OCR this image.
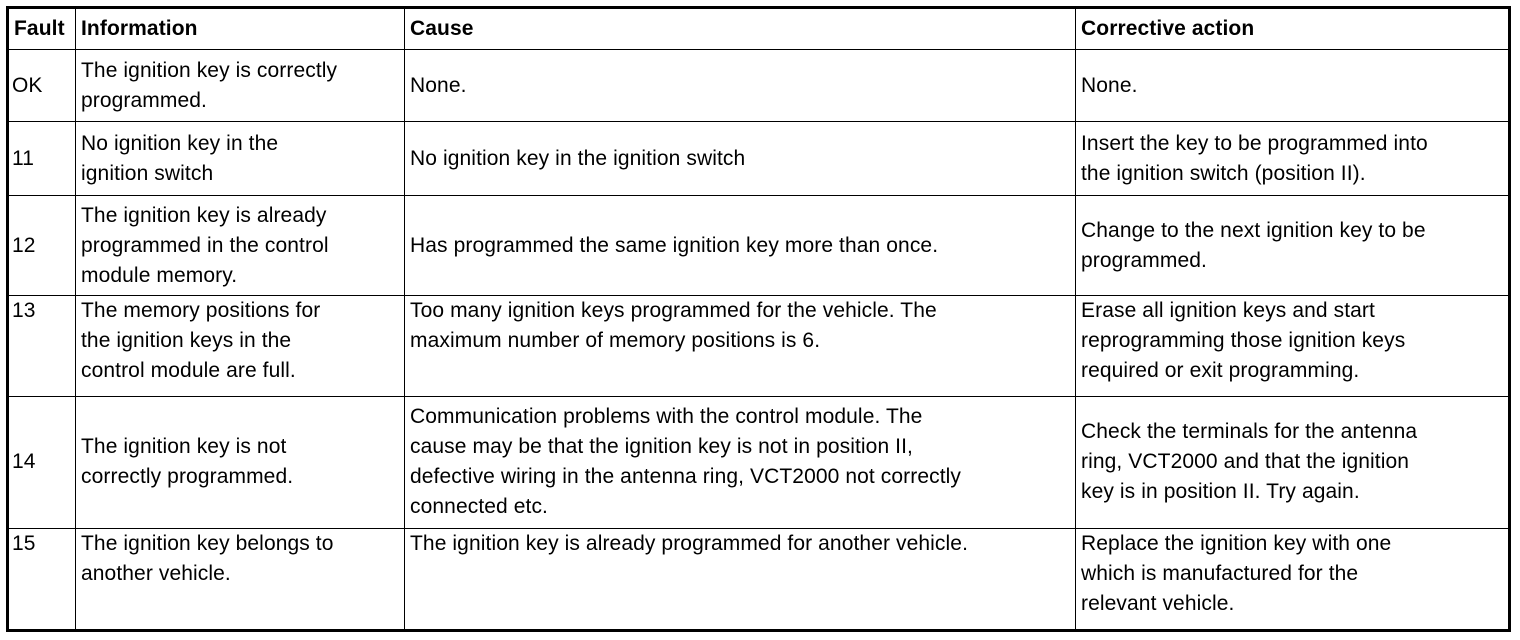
Fault	Information	Cause	Corrective action

OK	The ignition key is correctly
programmed.	None.	None.

11	No ignition key in the
ignition switch	No ignition key in the ignition switch	Insert the key to be programmed into
the ignition switch (position II).

12	The ignition key is already
programmed in the control
module memory.	Has programmed the same ignition key more than once.	Change to the next ignition key to be
programmed.

13	The memory positions for
the ignition keys in the
control module are full.	Too many ignition keys programmed for the vehicle. The
maximum number of memory positions is 6.	Erase all ignition keys and start
reprogramming those ignition keys
required or exit programming.

14	The ignition key is not
correctly programmed.	Communication problems with the control module. The
cause may be that the ignition key is not in position II,
defective wiring in the antenna ring, VCT2000 not correctly
connected etc.	Check the terminals for the antenna
ring, VCT2000 and that the ignition
key is in position II. Try again.

15	The ignition key belongs to
another vehicle.	The ignition key is already programmed for another vehicle.	Replace the ignition key with one
which is manufactured for the
relevant vehicle.
